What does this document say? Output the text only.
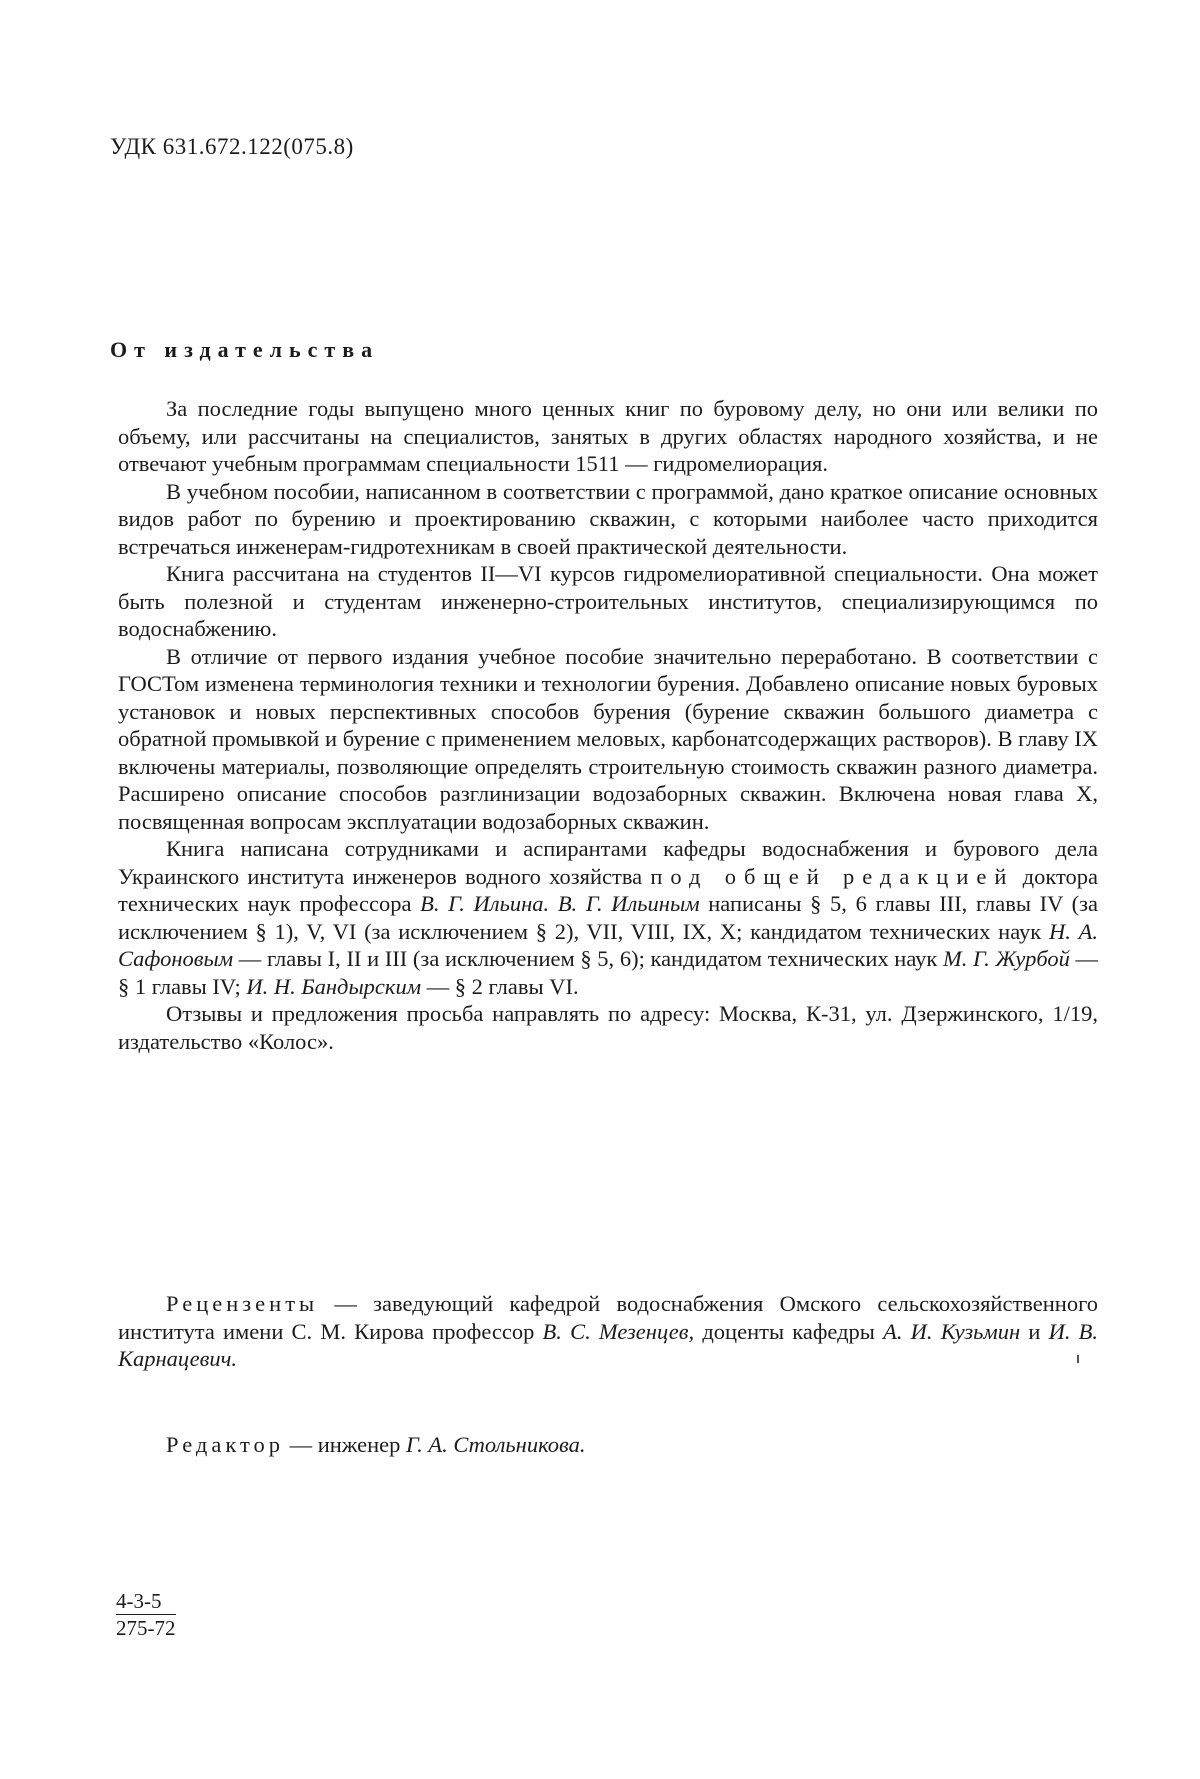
УДК 631.672.122(075.8)
От издательства

За последние годы выпущено много ценных книг по буровому делу, но они или велики по объему, или рассчитаны на специалистов, занятых в других областях народного хозяйства, и не отвечают учебным программам специальности 1511 — гидромелиорация.

В учебном пособии, написанном в соответствии с программой, дано краткое описание основных видов работ по бурению и проектированию скважин, с которыми наиболее часто приходится встречаться инженерам-гидротехникам в своей практической деятельности.

Книга рассчитана на студентов II—VI курсов гидромелиоративной специальности. Она может быть полезной и студентам инженерно-строительных институтов, специализирующимся по водоснабжению.

В отличие от первого издания учебное пособие значительно переработано. В соответствии с ГОСТом изменена терминология техники и технологии бурения. Добавлено описание новых буровых установок и новых перспективных способов бурения (бурение скважин большого диаметра с обратной промывкой и бурение с применением меловых, карбонатсодержащих растворов). В главу IX включены материалы, позволяющие определять строительную стоимость скважин разного диаметра. Расширено описание способов разглинизации водозаборных скважин. Включена новая глава X, посвященная вопросам эксплуатации водозаборных скважин.

Книга написана сотрудниками и аспирантами кафедры водоснабжения и бурового дела Украинского института инженеров водного хозяйства под общей редакцией доктора технических наук профессора В. Г. Ильина. В. Г. Ильиным написаны § 5, 6 главы III, главы IV (за исключением § 1), V, VI (за исключением § 2), VII, VIII, IX, X; кандидатом технических наук Н. А. Сафоновым — главы I, II и III (за исключением § 5, 6); кандидатом технических наук М. Г. Журбой — § 1 главы IV; И. Н. Бандырским — § 2 главы VI.

Отзывы и предложения просьба направлять по адресу: Москва, К-31, ул. Дзержинского, 1/19, издательство «Колос».

Рецензенты — заведующий кафедрой водоснабжения Омского сельскохозяйственного института имени С. М. Кирова профессор В. С. Мезенцев, доценты кафедры А. И. Кузьмин и И. В. Карнацевич.
Редактор — инженер Г. А. Стольникова.
4-3-5
275-72
